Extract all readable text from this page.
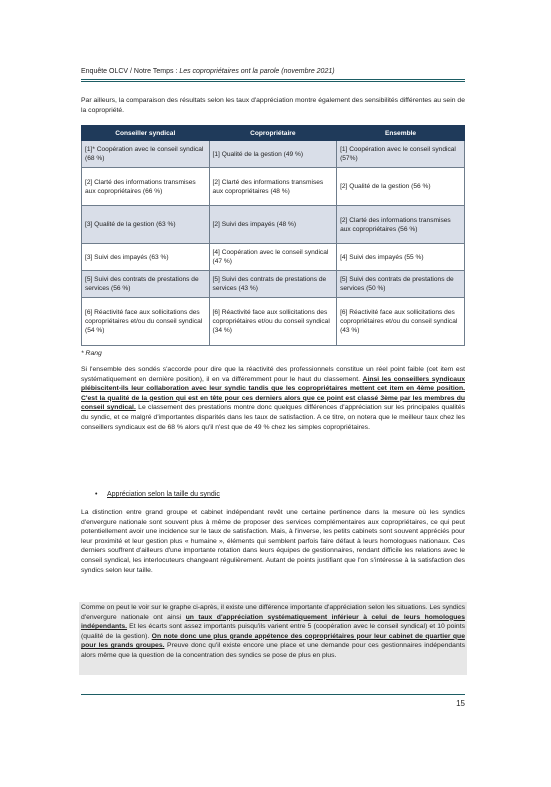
Enquête OLCV / Notre Temps : Les copropriétaires ont la parole (novembre 2021)

Par ailleurs, la comparaison des résultats selon les taux d'appréciation montre également des sensibilités différentes au sein de la copropriété.

Conseiller syndical	Copropriétaire	Ensemble
[1]* Coopération avec le conseil syndical (68 %)	[1] Qualité de la gestion (49 %)	[1] Coopération avec le conseil syndical (57%)
[2] Clarté des informations transmises aux copropriétaires (66 %)	[2] Clarté des informations transmises aux copropriétaires (48 %)	[2] Qualité de la gestion (56 %)
[3] Qualité de la gestion (63 %)	[2] Suivi des impayés (48 %)	[2] Clarté des informations transmises aux copropriétaires (56 %)
[3] Suivi des impayés (63 %)	[4] Coopération avec le conseil syndical (47 %)	[4] Suivi des impayés (55 %)
[5] Suivi des contrats de prestations de services (56 %)	[5] Suivi des contrats de prestations de services (43 %)	[5] Suivi des contrats de prestations de services (50 %)
[6] Réactivité face aux sollicitations des copropriétaires et/ou du conseil syndical (54 %)	[6] Réactivité face aux sollicitations des copropriétaires et/ou du conseil syndical (34 %)	[6] Réactivité face aux sollicitations des copropriétaires et/ou du conseil syndical (43 %)
* Rang

Si l'ensemble des sondés s'accorde pour dire que la réactivité des professionnels constitue un réel point faible (cet item est systématiquement en dernière position), il en va différemment pour le haut du classement. Ainsi les conseillers syndicaux plébiscitent-ils leur collaboration avec leur syndic tandis que les copropriétaires mettent cet item en 4ème position. C'est la qualité de la gestion qui est en tête pour ces derniers alors que ce point est classé 3ème par les membres du conseil syndical. Le classement des prestations montre donc quelques différences d'appréciation sur les principales qualités du syndic, et ce malgré d'importantes disparités dans les taux de satisfaction. A ce titre, on notera que le meilleur taux chez les conseillers syndicaux est de 68 % alors qu'il n'est que de 49 % chez les simples copropriétaires.

• Appréciation selon la taille du syndic

La distinction entre grand groupe et cabinet indépendant revêt une certaine pertinence dans la mesure où les syndics d'envergure nationale sont souvent plus à même de proposer des services complémentaires aux copropriétaires, ce qui peut potentiellement avoir une incidence sur le taux de satisfaction. Mais, à l'inverse, les petits cabinets sont souvent appréciés pour leur proximité et leur gestion plus « humaine », éléments qui semblent parfois faire défaut à leurs homologues nationaux. Ces derniers souffrent d'ailleurs d'une importante rotation dans leurs équipes de gestionnaires, rendant difficile les relations avec le conseil syndical, les interlocuteurs changeant régulièrement. Autant de points justifiant que l'on s'intéresse à la satisfaction des syndics selon leur taille.

Comme on peut le voir sur le graphe ci-après, il existe une différence importante d'appréciation selon les situations. Les syndics d'envergure nationale ont ainsi un taux d'appréciation systématiquement inférieur à celui de leurs homologues indépendants. Et les écarts sont assez importants puisqu'ils varient entre 5 (coopération avec le conseil syndical) et 10 points (qualité de la gestion). On note donc une plus grande appétence des copropriétaires pour leur cabinet de quartier que pour les grands groupes. Preuve donc qu'il existe encore une place et une demande pour ces gestionnaires indépendants alors même que la question de la concentration des syndics se pose de plus en plus.

15
